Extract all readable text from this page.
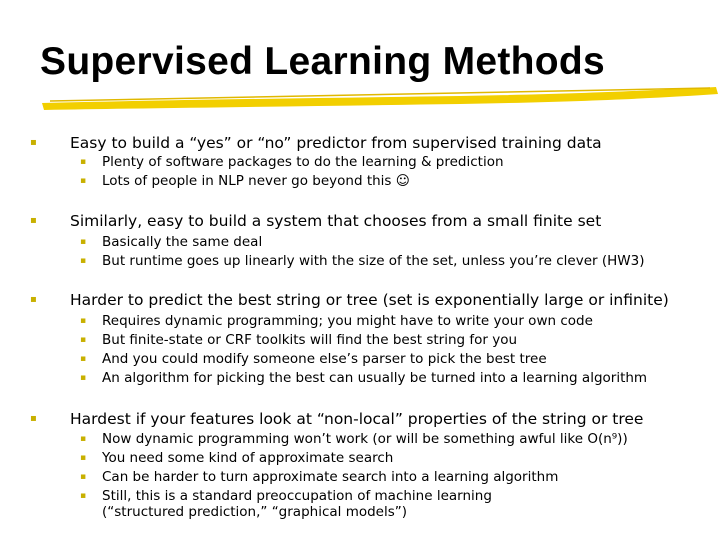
Supervised Learning Methods
▪ Easy to build a “yes” or “no” predictor from supervised training data
▪ Plenty of software packages to do the learning & prediction
▪ Lots of people in NLP never go beyond this ☺
▪ Similarly, easy to build a system that chooses from a small finite set
▪ Basically the same deal
▪ But runtime goes up linearly with the size of the set, unless you’re clever (HW3)
▪ Harder to predict the best string or tree (set is exponentially large or infinite)
▪ Requires dynamic programming; you might have to write your own code
▪ But finite-state or CRF toolkits will find the best string for you
▪ And you could modify someone else’s parser to pick the best tree
▪ An algorithm for picking the best can usually be turned into a learning algorithm
▪ Hardest if your features look at “non-local” properties of the string or tree
▪ Now dynamic programming won’t work (or will be something awful like O(n⁹))
▪ You need some kind of approximate search
▪ Can be harder to turn approximate search into a learning algorithm
▪ Still, this is a standard preoccupation of machine learning
(“structured prediction,” “graphical models”)
